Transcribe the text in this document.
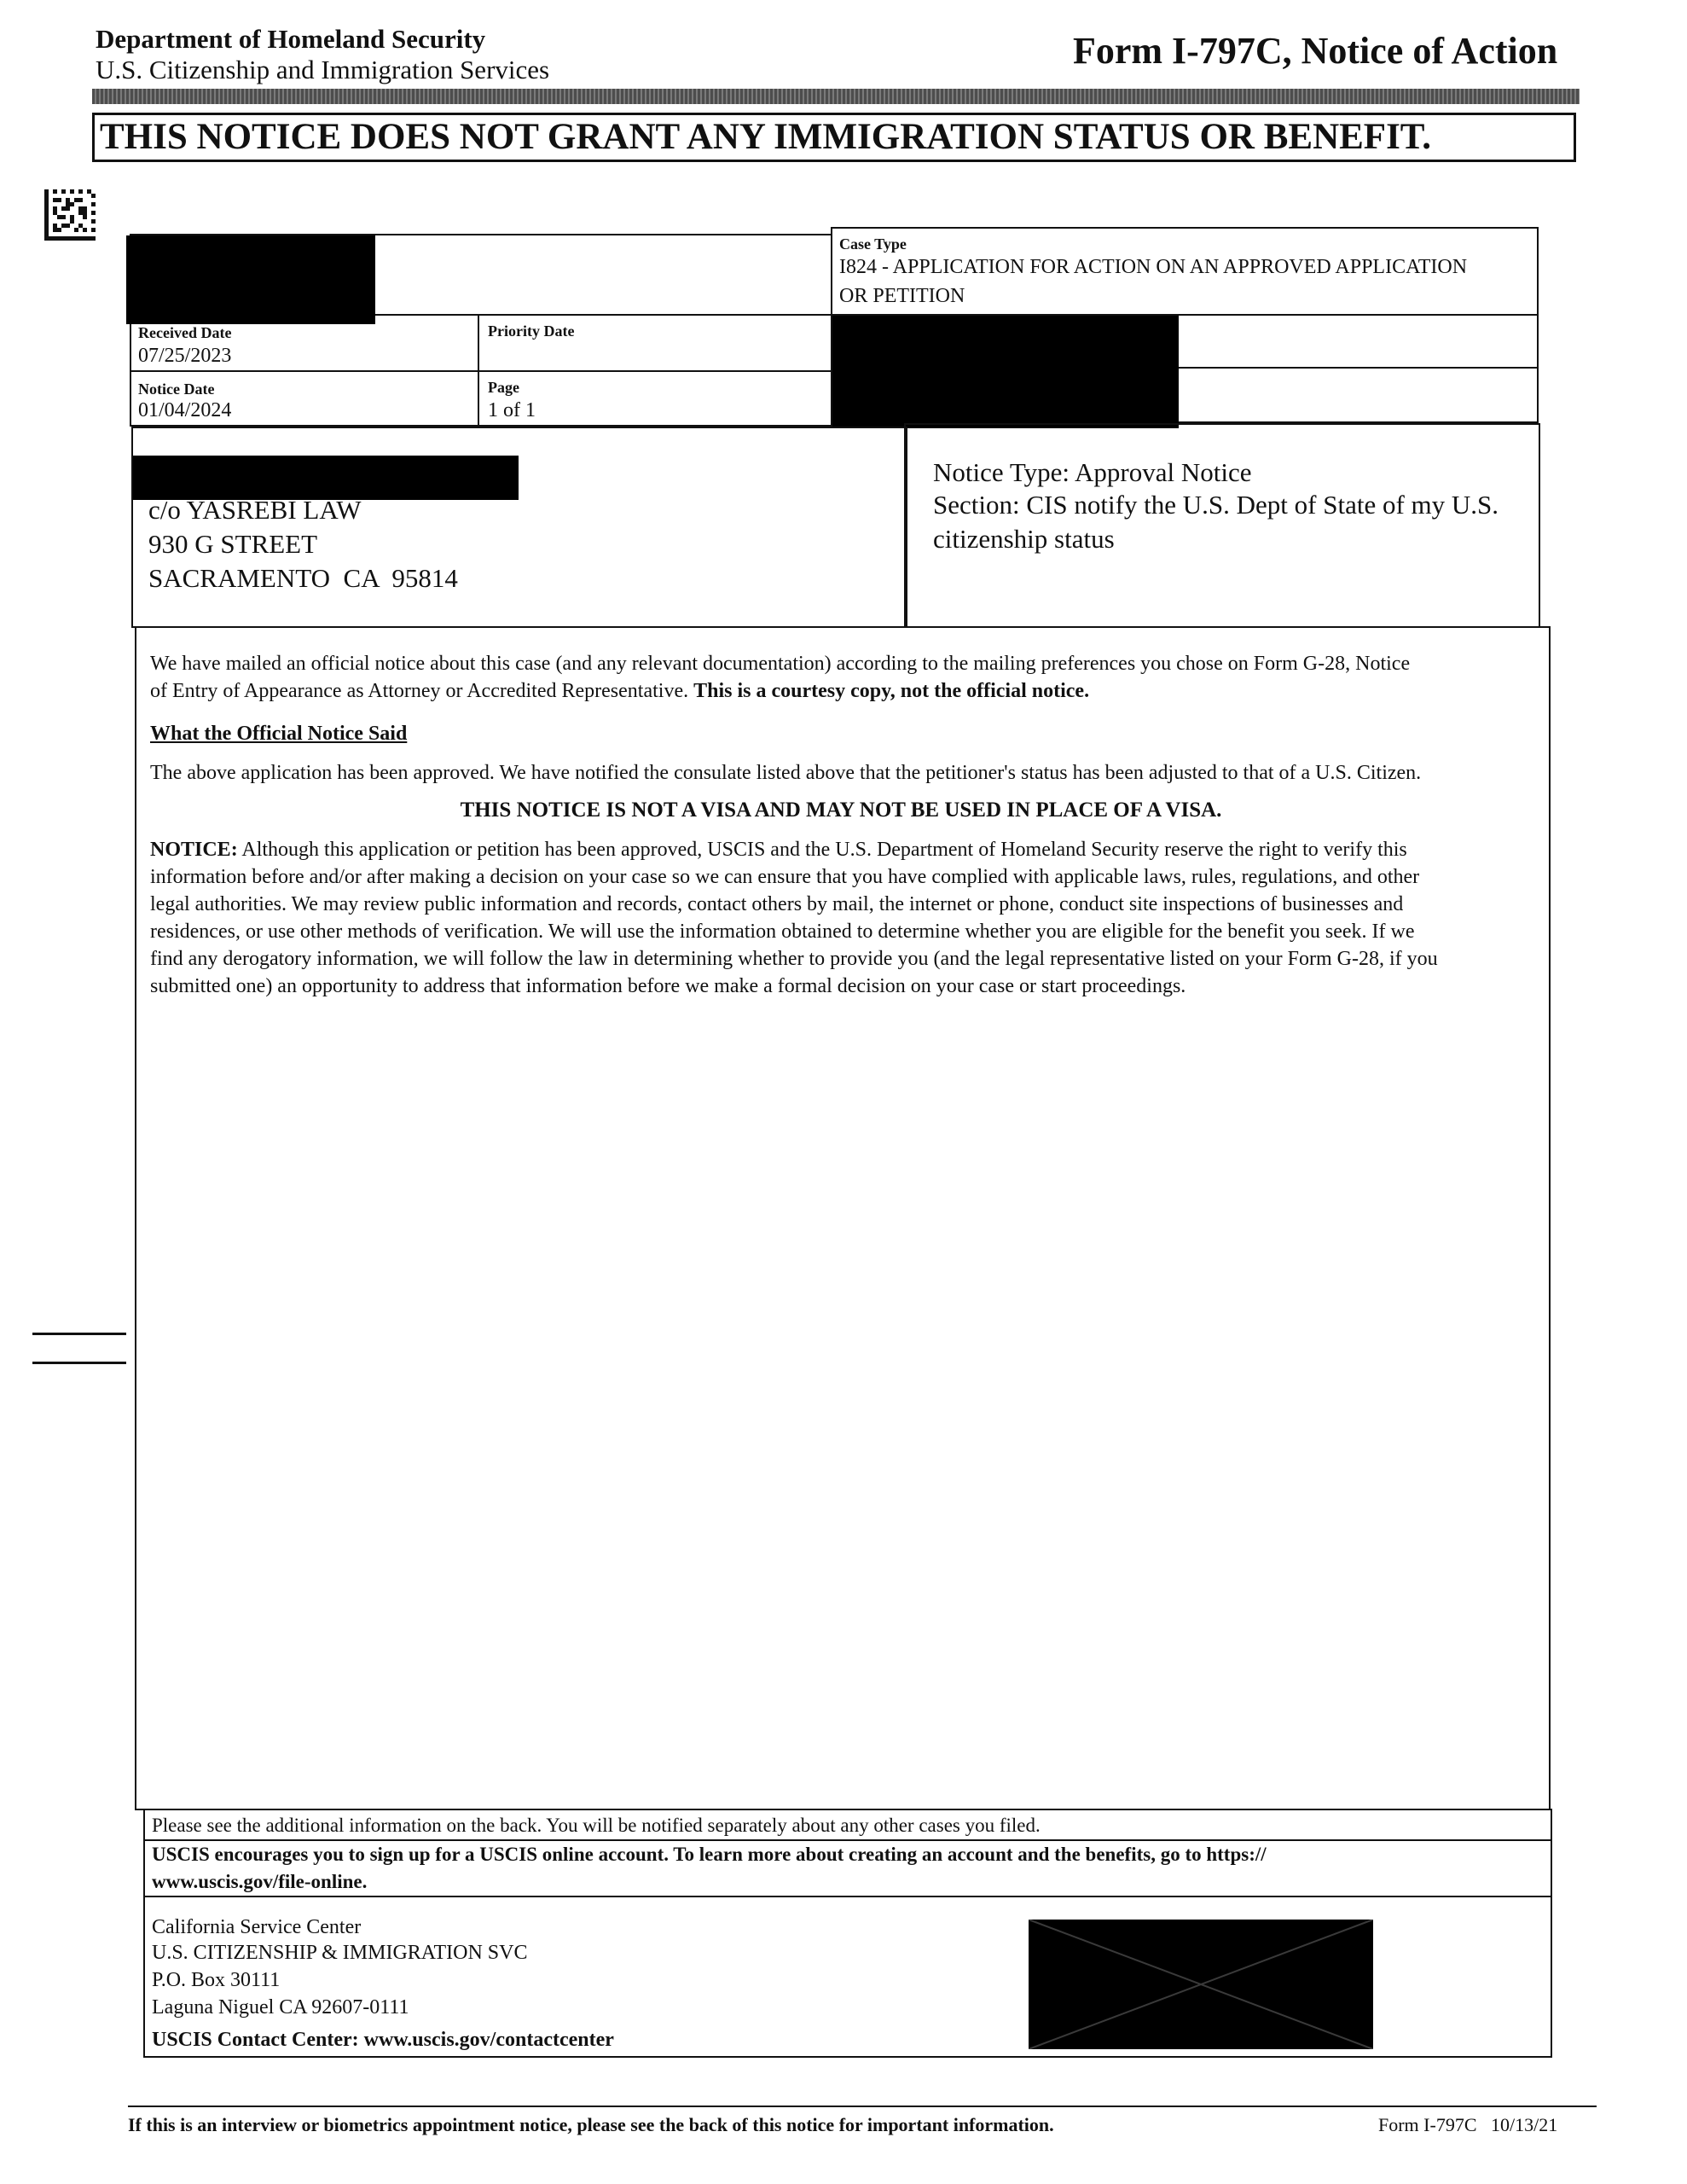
Department of Homeland Security
U.S. Citizenship and Immigration Services	Form I-797C, Notice of Action
THIS NOTICE DOES NOT GRANT ANY IMMIGRATION STATUS OR BENEFIT.
Case Type
I824 - APPLICATION FOR ACTION ON AN APPROVED APPLICATION
OR PETITION
Received Date
07/25/2023
Priority Date
Notice Date
01/04/2024
Page
1 of 1
c/o YASREBI LAW
930 G STREET
SACRAMENTO  CA  95814
Notice Type: Approval Notice
Section: CIS notify the U.S. Dept of State of my U.S.
citizenship status
We have mailed an official notice about this case (and any relevant documentation) according to the mailing preferences you chose on Form G-28, Notice
of Entry of Appearance as Attorney or Accredited Representative. This is a courtesy copy, not the official notice.
What the Official Notice Said
The above application has been approved. We have notified the consulate listed above that the petitioner's status has been adjusted to that of a U.S. Citizen.
THIS NOTICE IS NOT A VISA AND MAY NOT BE USED IN PLACE OF A VISA.
NOTICE: Although this application or petition has been approved, USCIS and the U.S. Department of Homeland Security reserve the right to verify this
information before and/or after making a decision on your case so we can ensure that you have complied with applicable laws, rules, regulations, and other
legal authorities. We may review public information and records, contact others by mail, the internet or phone, conduct site inspections of businesses and
residences, or use other methods of verification. We will use the information obtained to determine whether you are eligible for the benefit you seek. If we
find any derogatory information, we will follow the law in determining whether to provide you (and the legal representative listed on your Form G-28, if you
submitted one) an opportunity to address that information before we make a formal decision on your case or start proceedings.
Please see the additional information on the back. You will be notified separately about any other cases you filed.
USCIS encourages you to sign up for a USCIS online account. To learn more about creating an account and the benefits, go to https://
www.uscis.gov/file-online.
California Service Center
U.S. CITIZENSHIP & IMMIGRATION SVC
P.O. Box 30111
Laguna Niguel CA 92607-0111
USCIS Contact Center: www.uscis.gov/contactcenter
If this is an interview or biometrics appointment notice, please see the back of this notice for important information.	Form I-797C   10/13/21
